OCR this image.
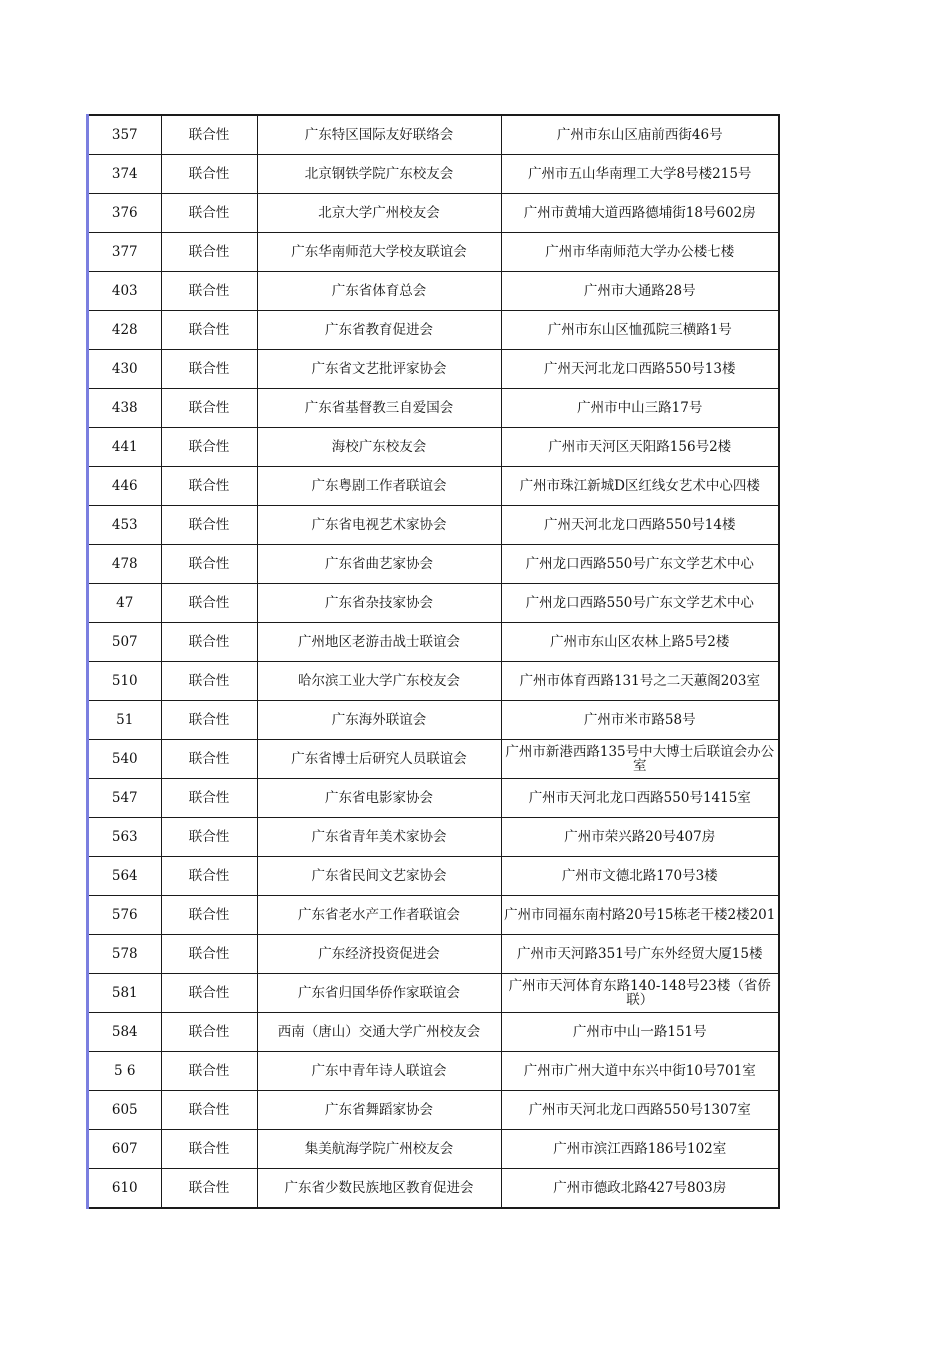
357	联合性	广东特区国际友好联络会	广州市东山区庙前西街46号
374	联合性	北京钢铁学院广东校友会	广州市五山华南理工大学8号楼215号
376	联合性	北京大学广州校友会	广州市黄埔大道西路德埔街18号602房
377	联合性	广东华南师范大学校友联谊会	广州市华南师范大学办公楼七楼
403	联合性	广东省体育总会	广州市大通路28号
428	联合性	广东省教育促进会	广州市东山区恤孤院三横路1号
430	联合性	广东省文艺批评家协会	广州天河北龙口西路550号13楼
438	联合性	广东省基督教三自爱国会	广州市中山三路17号
441	联合性	海校广东校友会	广州市天河区天阳路156号2楼
446	联合性	广东粤剧工作者联谊会	广州市珠江新城D区红线女艺术中心四楼
453	联合性	广东省电视艺术家协会	广州天河北龙口西路550号14楼
478	联合性	广东省曲艺家协会	广州龙口西路550号广东文学艺术中心
47	联合性	广东省杂技家协会	广州龙口西路550号广东文学艺术中心
507	联合性	广州地区老游击战士联谊会	广州市东山区农林上路5号2楼
510	联合性	哈尔滨工业大学广东校友会	广州市体育西路131号之二天蕙阁203室
51	联合性	广东海外联谊会	广州市米市路58号
540	联合性	广东省博士后研究人员联谊会	广州市新港西路135号中大博士后联谊会办公室
547	联合性	广东省电影家协会	广州市天河北龙口西路550号1415室
563	联合性	广东省青年美术家协会	广州市荣兴路20号407房
564	联合性	广东省民间文艺家协会	广州市文德北路170号3楼
576	联合性	广东省老水产工作者联谊会	广州市同福东南村路20号15栋老干楼2楼201
578	联合性	广东经济投资促进会	广州市天河路351号广东外经贸大厦15楼
581	联合性	广东省归国华侨作家联谊会	广州市天河体育东路140-148号23楼（省侨联）
584	联合性	西南（唐山）交通大学广州校友会	广州市中山一路151号
5 6	联合性	广东中青年诗人联谊会	广州市广州大道中东兴中街10号701室
605	联合性	广东省舞蹈家协会	广州市天河北龙口西路550号1307室
607	联合性	集美航海学院广州校友会	广州市滨江西路186号102室
610	联合性	广东省少数民族地区教育促进会	广州市德政北路427号803房
